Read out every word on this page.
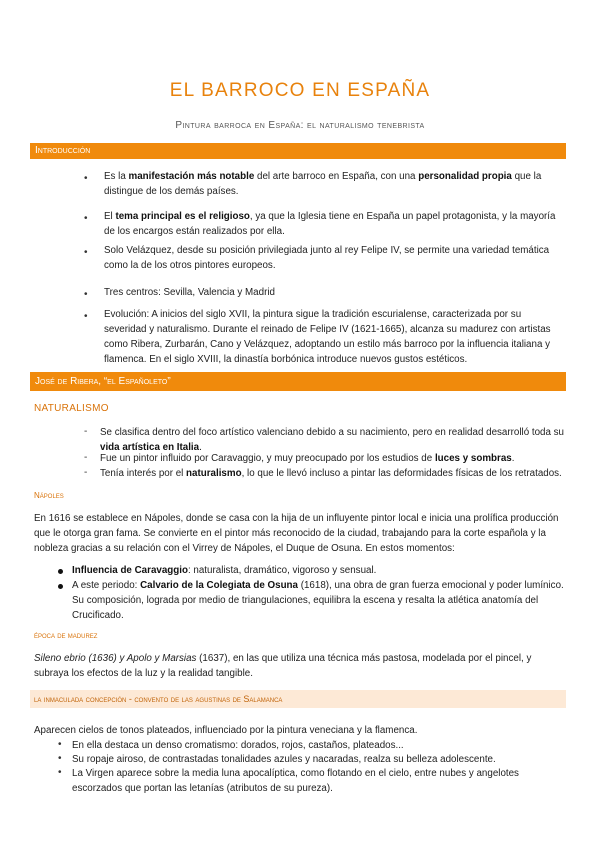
EL BARROCO EN ESPAÑA
Pintura barroca en España: el naturalismo tenebrista
Introducción
• Es la manifestación más notable del arte barroco en España, con una personalidad propia que la distingue de los demás países.
• El tema principal es el religioso, ya que la Iglesia tiene en España un papel protagonista, y la mayoría de los encargos están realizados por ella.
• Solo Velázquez, desde su posición privilegiada junto al rey Felipe IV, se permite una variedad temática como la de los otros pintores europeos.
• Tres centros: Sevilla, Valencia y Madrid
• Evolución: A inicios del siglo XVII, la pintura sigue la tradición escurialense, caracterizada por su severidad y naturalismo. Durante el reinado de Felipe IV (1621-1665), alcanza su madurez con artistas como Ribera, Zurbarán, Cano y Velázquez, adoptando un estilo más barroco por la influencia italiana y flamenca. En el siglo XVIII, la dinastía borbónica introduce nuevos gustos estéticos.
José de Ribera, “el Españoleto”
NATURALISMO
- Se clasifica dentro del foco artístico valenciano debido a su nacimiento, pero en realidad desarrolló toda su vida artística en Italia.
- Fue un pintor influido por Caravaggio, y muy preocupado por los estudios de luces y sombras.
- Tenía interés por el naturalismo, lo que le llevó incluso a pintar las deformidades físicas de los retratados.
Nápoles
En 1616 se establece en Nápoles, donde se casa con la hija de un influyente pintor local e inicia una prolífica producción que le otorga gran fama. Se convierte en el pintor más reconocido de la ciudad, trabajando para la corte española y la nobleza gracias a su relación con el Virrey de Nápoles, el Duque de Osuna. En estos momentos:
Influencia de Caravaggio: naturalista, dramático, vigoroso y sensual.
A este periodo: Calvario de la Colegiata de Osuna (1618), una obra de gran fuerza emocional y poder lumínico. Su composición, lograda por medio de triangulaciones, equilibra la escena y resalta la atlética anatomía del Crucificado.
época de madurez
Sileno ebrio (1636) y Apolo y Marsias (1637), en las que utiliza una técnica más pastosa, modelada por el pincel, y subraya los efectos de la luz y la realidad tangible.
la inmaculada concepción - convento de las agustinas de Salamanca
Aparecen cielos de tonos plateados, influenciado por la pintura veneciana y la flamenca.
• En ella destaca un denso cromatismo: dorados, rojos, castaños, plateados...
• Su ropaje airoso, de contrastadas tonalidades azules y nacaradas, realza su belleza adolescente.
• La Virgen aparece sobre la media luna apocalíptica, como flotando en el cielo, entre nubes y angelotes escorzados que portan las letanías (atributos de su pureza).
